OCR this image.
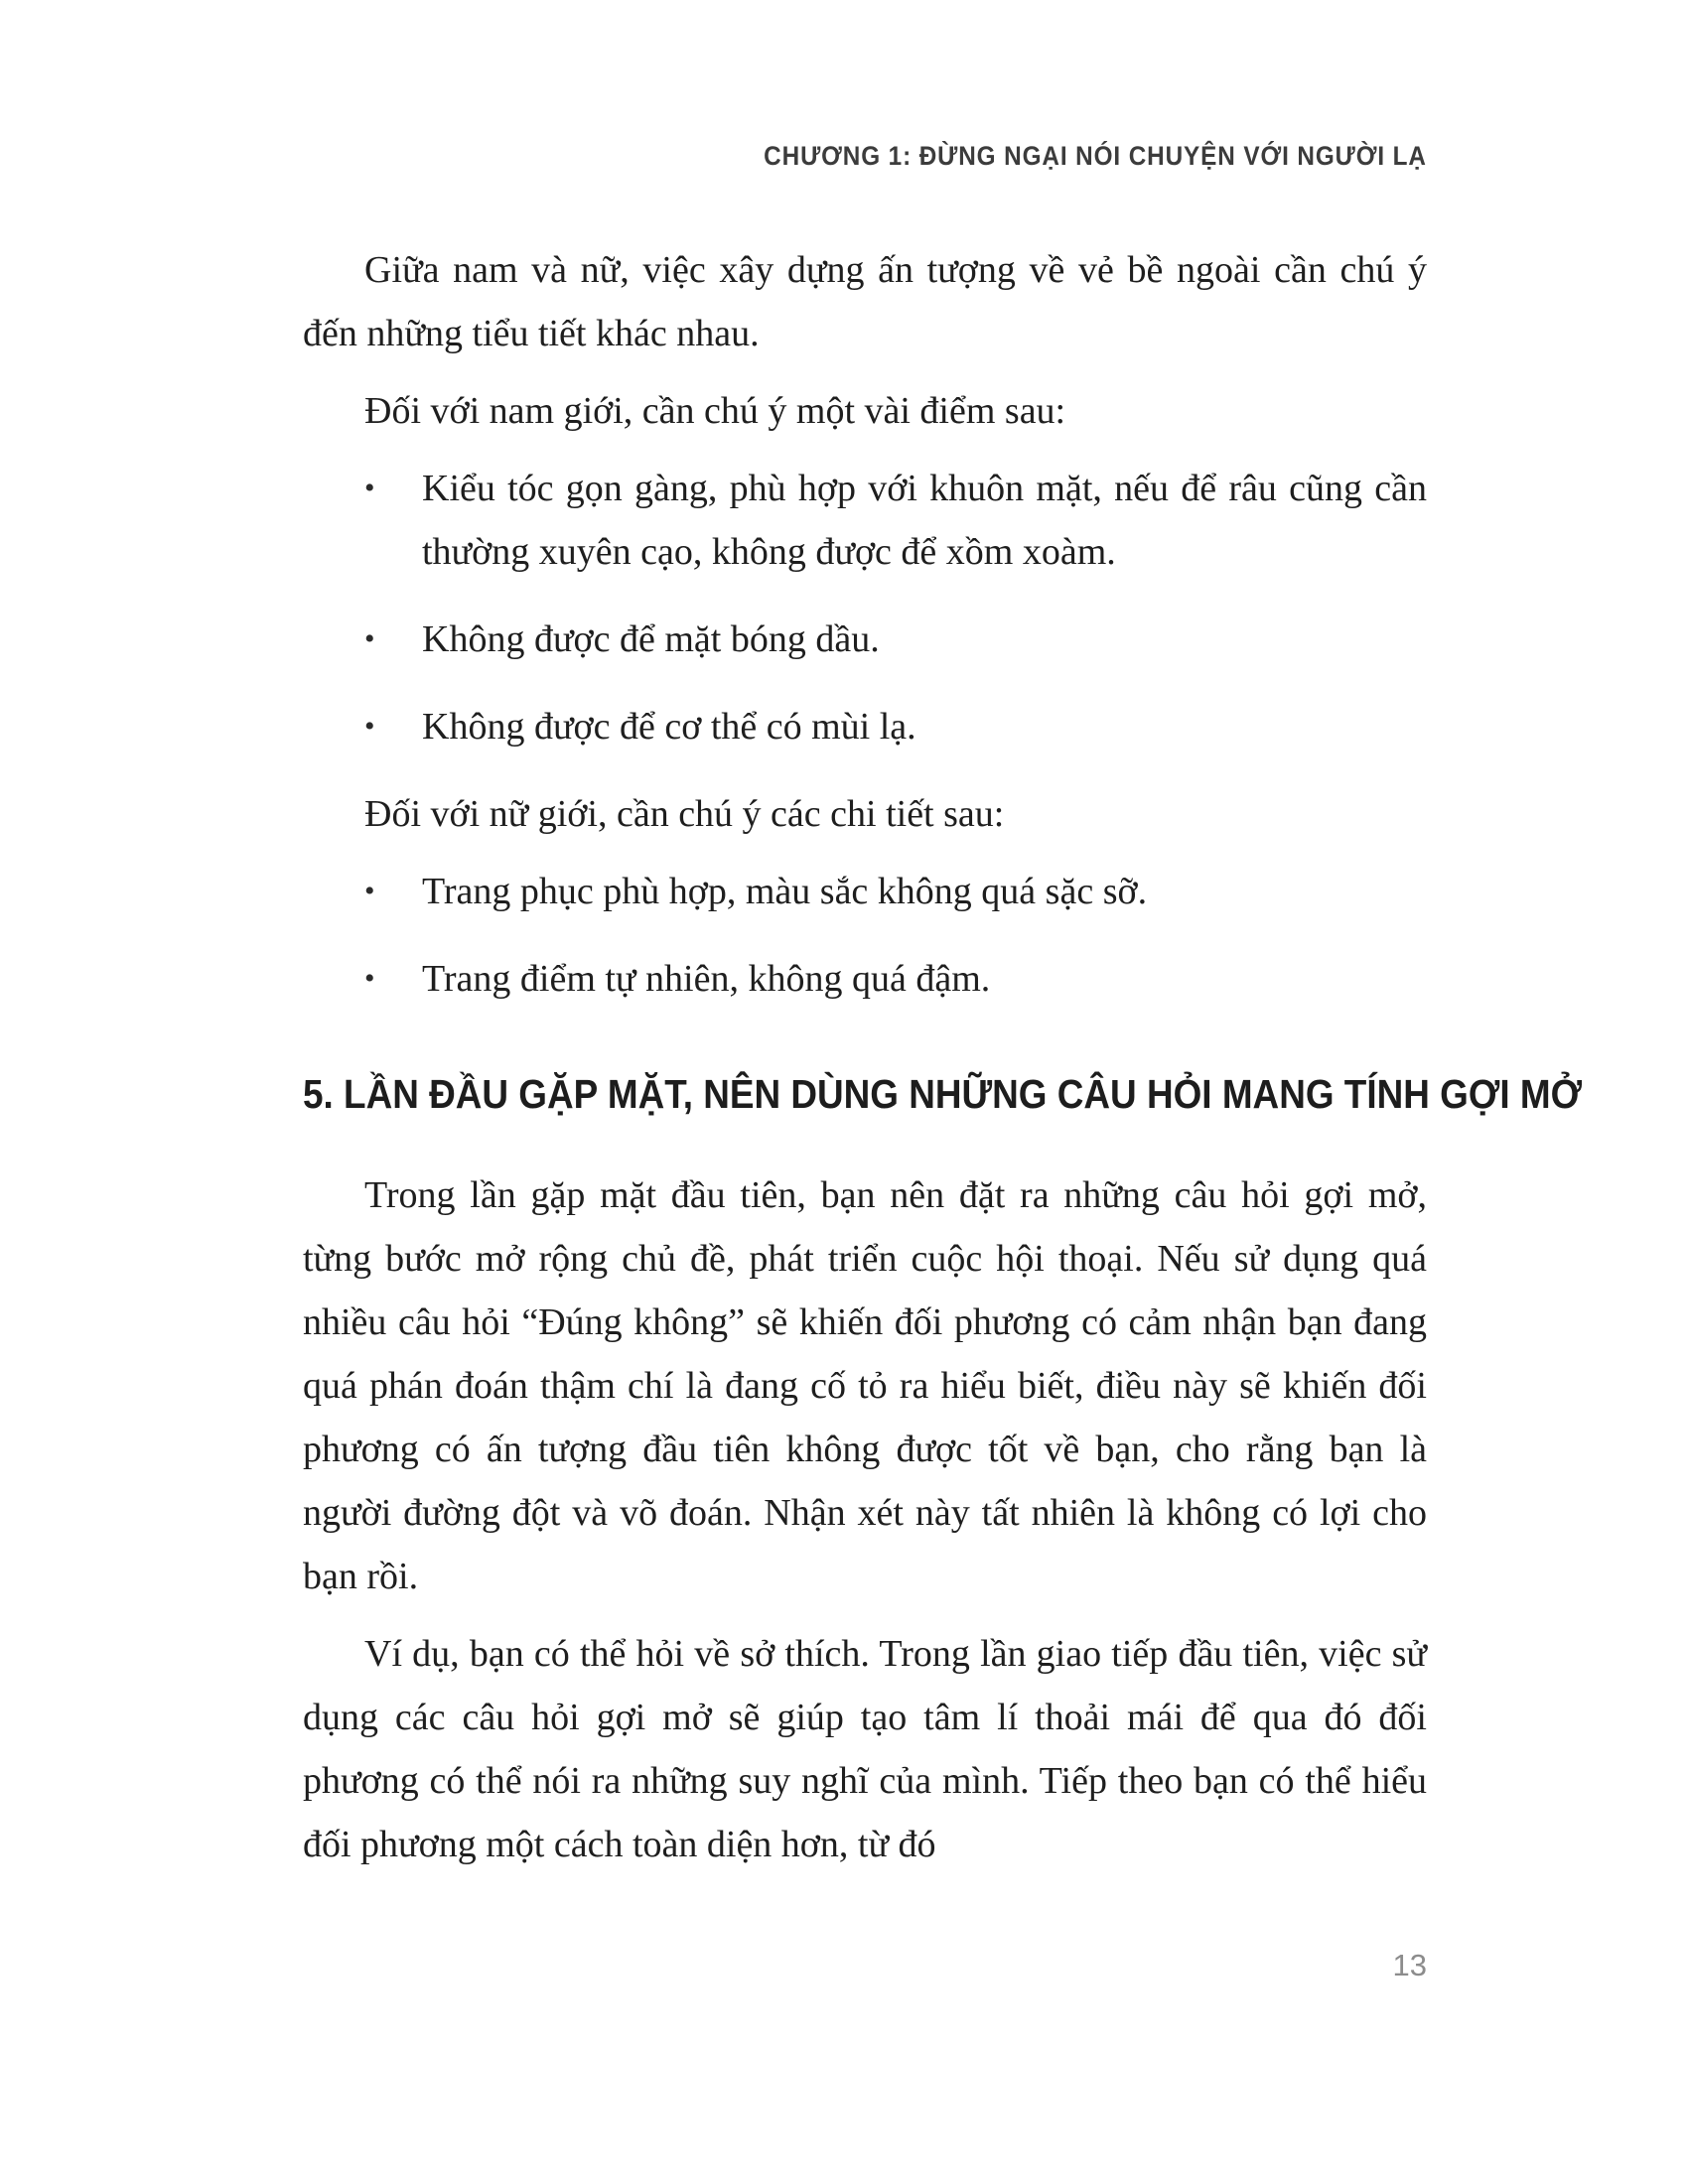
CHƯƠNG 1: ĐỪNG NGẠI NÓI CHUYỆN VỚI NGƯỜI LẠ

Giữa nam và nữ, việc xây dựng ấn tượng về vẻ bề ngoài cần chú ý đến những tiểu tiết khác nhau.

Đối với nam giới, cần chú ý một vài điểm sau:

•	Kiểu tóc gọn gàng, phù hợp với khuôn mặt, nếu để râu cũng cần thường xuyên cạo, không được để xồm xoàm.
•	Không được để mặt bóng dầu.
•	Không được để cơ thể có mùi lạ.

Đối với nữ giới, cần chú ý các chi tiết sau:

•	Trang phục phù hợp, màu sắc không quá sặc sỡ.
•	Trang điểm tự nhiên, không quá đậm.
5. LẦN ĐẦU GẶP MẶT, NÊN DÙNG NHỮNG CÂU HỎI MANG TÍNH GỢI MỞ

Trong lần gặp mặt đầu tiên, bạn nên đặt ra những câu hỏi gợi mở, từng bước mở rộng chủ đề, phát triển cuộc hội thoại. Nếu sử dụng quá nhiều câu hỏi “Đúng không” sẽ khiến đối phương có cảm nhận bạn đang quá phán đoán thậm chí là đang cố tỏ ra hiểu biết, điều này sẽ khiến đối phương có ấn tượng đầu tiên không được tốt về bạn, cho rằng bạn là người đường đột và võ đoán. Nhận xét này tất nhiên là không có lợi cho bạn rồi.

Ví dụ, bạn có thể hỏi về sở thích. Trong lần giao tiếp đầu tiên, việc sử dụng các câu hỏi gợi mở sẽ giúp tạo tâm lí thoải mái để qua đó đối phương có thể nói ra những suy nghĩ của mình. Tiếp theo bạn có thể hiểu đối phương một cách toàn diện hơn, từ đó

13
